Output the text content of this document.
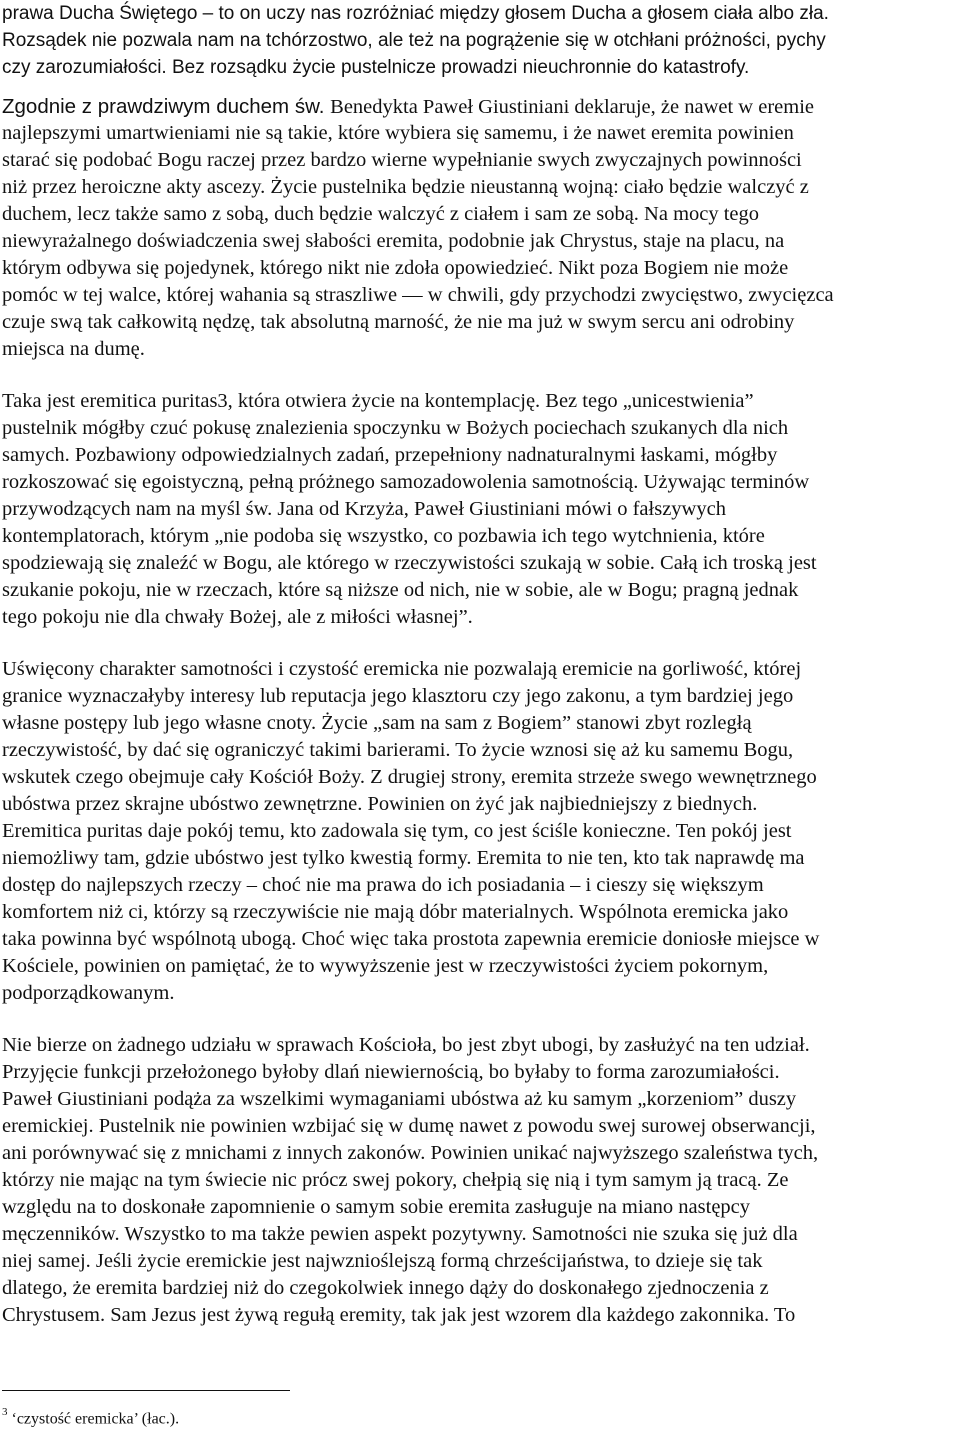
prawa Ducha Świętego – to on uczy nas rozróżniać między głosem Ducha a głosem ciała albo zła.
Rozsądek nie pozwala nam na tchórzostwo, ale też na pogrążenie się w otchłani próżności, pychy
czy zarozumiałości. Bez rozsądku życie pustelnicze prowadzi nieuchronnie do katastrofy.
Zgodnie z prawdziwym duchem św. Benedykta Paweł Giustiniani deklaruje, że nawet w eremie
najlepszymi umartwieniami nie są takie, które wybiera się samemu, i że nawet eremita powinien
starać się podobać Bogu raczej przez bardzo wierne wypełnianie swych zwyczajnych powinności
niż przez heroiczne akty ascezy. Życie pustelnika będzie nieustanną wojną: ciało będzie walczyć z
duchem, lecz także samo z sobą, duch będzie walczyć z ciałem i sam ze sobą. Na mocy tego
niewyrażalnego doświadczenia swej słabości eremita, podobnie jak Chrystus, staje na placu, na
którym odbywa się pojedynek, którego nikt nie zdoła opowiedzieć. Nikt poza Bogiem nie może
pomóc w tej walce, której wahania są straszliwe — w chwili, gdy przychodzi zwycięstwo, zwycięzca
czuje swą tak całkowitą nędzę, tak absolutną marność, że nie ma już w swym sercu ani odrobiny
miejsca na dumę.
Taka jest eremitica puritas3, która otwiera życie na kontemplację. Bez tego „unicestwienia”
pustelnik mógłby czuć pokusę znalezienia spoczynku w Bożych pociechach szukanych dla nich
samych. Pozbawiony odpowiedzialnych zadań, przepełniony nadnaturalnymi łaskami, mógłby
rozkoszować się egoistyczną, pełną próżnego samozadowolenia samotnością. Używając terminów
przywodzących nam na myśl św. Jana od Krzyża, Paweł Giustiniani mówi o fałszywych
kontemplatorach, którym „nie podoba się wszystko, co pozbawia ich tego wytchnienia, które
spodziewają się znaleźć w Bogu, ale którego w rzeczywistości szukają w sobie. Całą ich troską jest
szukanie pokoju, nie w rzeczach, które są niższe od nich, nie w sobie, ale w Bogu; pragną jednak
tego pokoju nie dla chwały Bożej, ale z miłości własnej”.
Uświęcony charakter samotności i czystość eremicka nie pozwalają eremicie na gorliwość, której
granice wyznaczałyby interesy lub reputacja jego klasztoru czy jego zakonu, a tym bardziej jego
własne postępy lub jego własne cnoty. Życie „sam na sam z Bogiem” stanowi zbyt rozległą
rzeczywistość, by dać się ograniczyć takimi barierami. To życie wznosi się aż ku samemu Bogu,
wskutek czego obejmuje cały Kościół Boży. Z drugiej strony, eremita strzeże swego wewnętrznego
ubóstwa przez skrajne ubóstwo zewnętrzne. Powinien on żyć jak najbiedniejszy z biednych.
Eremitica puritas daje pokój temu, kto zadowala się tym, co jest ściśle konieczne. Ten pokój jest
niemożliwy tam, gdzie ubóstwo jest tylko kwestią formy. Eremita to nie ten, kto tak naprawdę ma
dostęp do najlepszych rzeczy – choć nie ma prawa do ich posiadania – i cieszy się większym
komfortem niż ci, którzy są rzeczywiście nie mają dóbr materialnych. Wspólnota eremicka jako
taka powinna być wspólnotą ubogą. Choć więc taka prostota zapewnia eremicie doniosłe miejsce w
Kościele, powinien on pamiętać, że to wywyższenie jest w rzeczywistości życiem pokornym,
podporządkowanym.
Nie bierze on żadnego udziału w sprawach Kościoła, bo jest zbyt ubogi, by zasłużyć na ten udział.
Przyjęcie funkcji przełożonego byłoby dlań niewiernością, bo byłaby to forma zarozumiałości.
Paweł Giustiniani podąża za wszelkimi wymaganiami ubóstwa aż ku samym „korzeniom” duszy
eremickiej. Pustelnik nie powinien wzbijać się w dumę nawet z powodu swej surowej obserwancji,
ani porównywać się z mnichami z innych zakonów. Powinien unikać najwyższego szaleństwa tych,
którzy nie mając na tym świecie nic prócz swej pokory, chełpią się nią i tym samym ją tracą. Ze
względu na to doskonałe zapomnienie o samym sobie eremita zasługuje na miano następcy
męczenników. Wszystko to ma także pewien aspekt pozytywny. Samotności nie szuka się już dla
niej samej. Jeśli życie eremickie jest najwznioślejszą formą chrześcijaństwa, to dzieje się tak
dlatego, że eremita bardziej niż do czegokolwiek innego dąży do doskonałego zjednoczenia z
Chrystusem. Sam Jezus jest żywą regułą eremity, tak jak jest wzorem dla każdego zakonnika. To
$^3$ ‘czystość eremicka’ (łac.).
